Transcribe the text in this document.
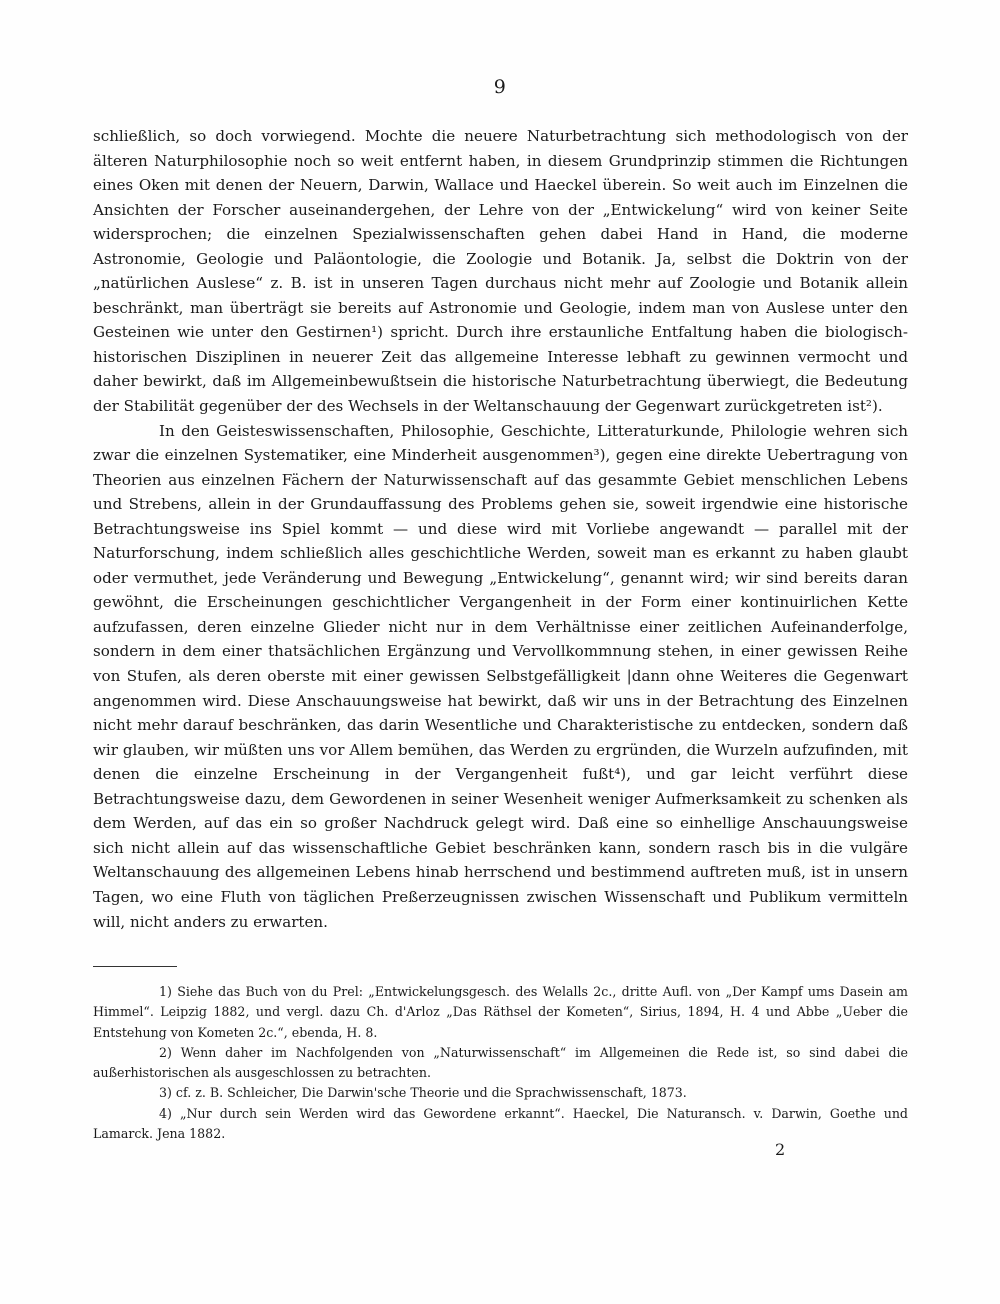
9

schließlich, so doch vorwiegend. Mochte die neuere Naturbetrachtung sich methodologisch von der älteren Naturphilosophie noch so weit entfernt haben, in diesem Grundprinzip stimmen die Richtungen eines Oken mit denen der Neuern, Darwin, Wallace und Haeckel überein. So weit auch im Einzelnen die Ansichten der Forscher auseinandergehen, der Lehre von der „Entwickelung“ wird von keiner Seite widersprochen; die einzelnen Spezialwissenschaften gehen dabei Hand in Hand, die moderne Astronomie, Geologie und Paläontologie, die Zoologie und Botanik. Ja, selbst die Doktrin von der „natürlichen Auslese“ z. B. ist in unseren Tagen durchaus nicht mehr auf Zoologie und Botanik allein beschränkt, man überträgt sie bereits auf Astronomie und Geologie, indem man von Auslese unter den Gesteinen wie unter den Gestirnen¹) spricht. Durch ihre erstaunliche Entfaltung haben die biologisch-historischen Disziplinen in neuerer Zeit das allgemeine Interesse lebhaft zu gewinnen vermocht und daher bewirkt, daß im Allgemeinbewußtsein die historische Naturbetrachtung überwiegt, die Bedeutung der Stabilität gegenüber der des Wechsels in der Weltanschauung der Gegenwart zurückgetreten ist²).

In den Geisteswissenschaften, Philosophie, Geschichte, Litteraturkunde, Philologie wehren sich zwar die einzelnen Systematiker, eine Minderheit ausgenommen³), gegen eine direkte Uebertragung von Theorien aus einzelnen Fächern der Naturwissenschaft auf das gesammte Gebiet menschlichen Lebens und Strebens, allein in der Grundauffassung des Problems gehen sie, soweit irgendwie eine historische Betrachtungsweise ins Spiel kommt — und diese wird mit Vorliebe angewandt — parallel mit der Naturforschung, indem schließlich alles geschichtliche Werden, soweit man es erkannt zu haben glaubt oder vermuthet, jede Veränderung und Bewegung „Entwickelung“, genannt wird; wir sind bereits daran gewöhnt, die Erscheinungen geschichtlicher Vergangenheit in der Form einer kontinuirlichen Kette aufzufassen, deren einzelne Glieder nicht nur in dem Verhältnisse einer zeitlichen Aufeinanderfolge, sondern in dem einer thatsächlichen Ergänzung und Vervollkommnung stehen, in einer gewissen Reihe von Stufen, als deren oberste mit einer gewissen Selbstgefälligkeit |dann ohne Weiteres die Gegenwart angenommen wird. Diese Anschauungsweise hat bewirkt, daß wir uns in der Betrachtung des Einzelnen nicht mehr darauf beschränken, das darin Wesentliche und Charakteristische zu entdecken, sondern daß wir glauben, wir müßten uns vor Allem bemühen, das Werden zu ergründen, die Wurzeln aufzufinden, mit denen die einzelne Erscheinung in der Vergangenheit fußt⁴), und gar leicht verführt diese Betrachtungsweise dazu, dem Gewordenen in seiner Wesenheit weniger Aufmerksamkeit zu schenken als dem Werden, auf das ein so großer Nachdruck gelegt wird. Daß eine so einhellige Anschauungsweise sich nicht allein auf das wissenschaftliche Gebiet beschränken kann, sondern rasch bis in die vulgäre Weltanschauung des allgemeinen Lebens hinab herrschend und bestimmend auftreten muß, ist in unsern Tagen, wo eine Fluth von täglichen Preßerzeugnissen zwischen Wissenschaft und Publikum vermitteln will, nicht anders zu erwarten.

1) Siehe das Buch von du Prel: „Entwickelungsgesch. des Welalls 2c., dritte Aufl. von „Der Kampf ums Dasein am Himmel“. Leipzig 1882, und vergl. dazu Ch. d'Arloz „Das Räthsel der Kometen“, Sirius, 1894, H. 4 und Abbe „Ueber die Entstehung von Kometen 2c.“, ebenda, H. 8.

2) Wenn daher im Nachfolgenden von „Naturwissenschaft“ im Allgemeinen die Rede ist, so sind dabei die außerhistorischen als ausgeschlossen zu betrachten.

3) cf. z. B. Schleicher, Die Darwin'sche Theorie und die Sprachwissenschaft, 1873.

4) „Nur durch sein Werden wird das Gewordene erkannt“. Haeckel, Die Naturansch. v. Darwin, Goethe und Lamarck. Jena 1882.

2
